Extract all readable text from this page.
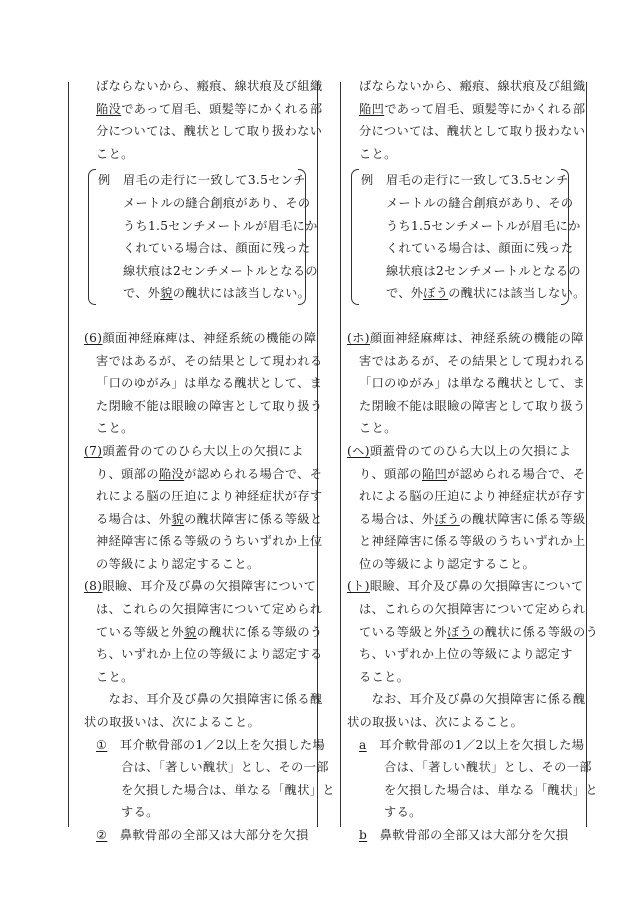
ばならないから、瘢痕、線状痕及び組織
陥没であって眉毛、頭髪等にかくれる部
分については、醜状として取り扱わない
こと。
例　眉毛の走行に一致して3.5センチ
メートルの縫合創痕があり、その
うち1.5センチメートルが眉毛にか
くれている場合は、顔面に残った
線状痕は2センチメートルとなるの
で、外貌の醜状には該当しない。
(6)顔面神経麻痺は、神経系統の機能の障
害ではあるが、その結果として現われる
「口のゆがみ」は単なる醜状として、ま
た閉瞼不能は眼瞼の障害として取り扱う
こと。
(7)頭蓋骨のてのひら大以上の欠損によ
り、頭部の陥没が認められる場合で、そ
れによる脳の圧迫により神経症状が存す
る場合は、外貌の醜状障害に係る等級と
神経障害に係る等級のうちいずれか上位
の等級により認定すること。
(8)眼瞼、耳介及び鼻の欠損障害について
は、これらの欠損障害について定められ
ている等級と外貌の醜状に係る等級のう
ち、いずれか上位の等級により認定する
こと。
　なお、耳介及び鼻の欠損障害に係る醜
状の取扱いは、次によること。
①　 耳介軟骨部の1／2以上を欠損した場
合は、「著しい醜状」とし、その一部
を欠損した場合は、単なる「醜状」と
する。
②　 鼻軟骨部の全部又は大部分を欠損
ばならないから、瘢痕、線状痕及び組織
陥凹であって眉毛、頭髪等にかくれる部
分については、醜状として取り扱わない
こと。
例　眉毛の走行に一致して3.5センチ
メートルの縫合創痕があり、その
うち1.5センチメートルが眉毛にか
くれている場合は、顔面に残った
線状痕は2センチメートルとなるの
で、外ぼうの醜状には該当しない。
(ホ)顔面神経麻痺は、神経系統の機能の障
害ではあるが、その結果として現われる
「口のゆがみ」は単なる醜状として、ま
た閉瞼不能は眼瞼の障害として取り扱う
こと。
(ヘ)頭蓋骨のてのひら大以上の欠損によ
り、頭部の陥凹が認められる場合で、そ
れによる脳の圧迫により神経症状が存す
る場合は、外ぼうの醜状障害に係る等級
と神経障害に係る等級のうちいずれか上
位の等級により認定すること。
(ト)眼瞼、耳介及び鼻の欠損障害について
は、これらの欠損障害について定められ
ている等級と外ぼうの醜状に係る等級のう
ち、いずれか上位の等級により認定す
ること。
　なお、耳介及び鼻の欠損障害に係る醜
状の取扱いは、次によること。
a　 耳介軟骨部の1／2以上を欠損した場
合は、「著しい醜状」とし、その一部
を欠損した場合は、単なる「醜状」と
する。
b　 鼻軟骨部の全部又は大部分を欠損
